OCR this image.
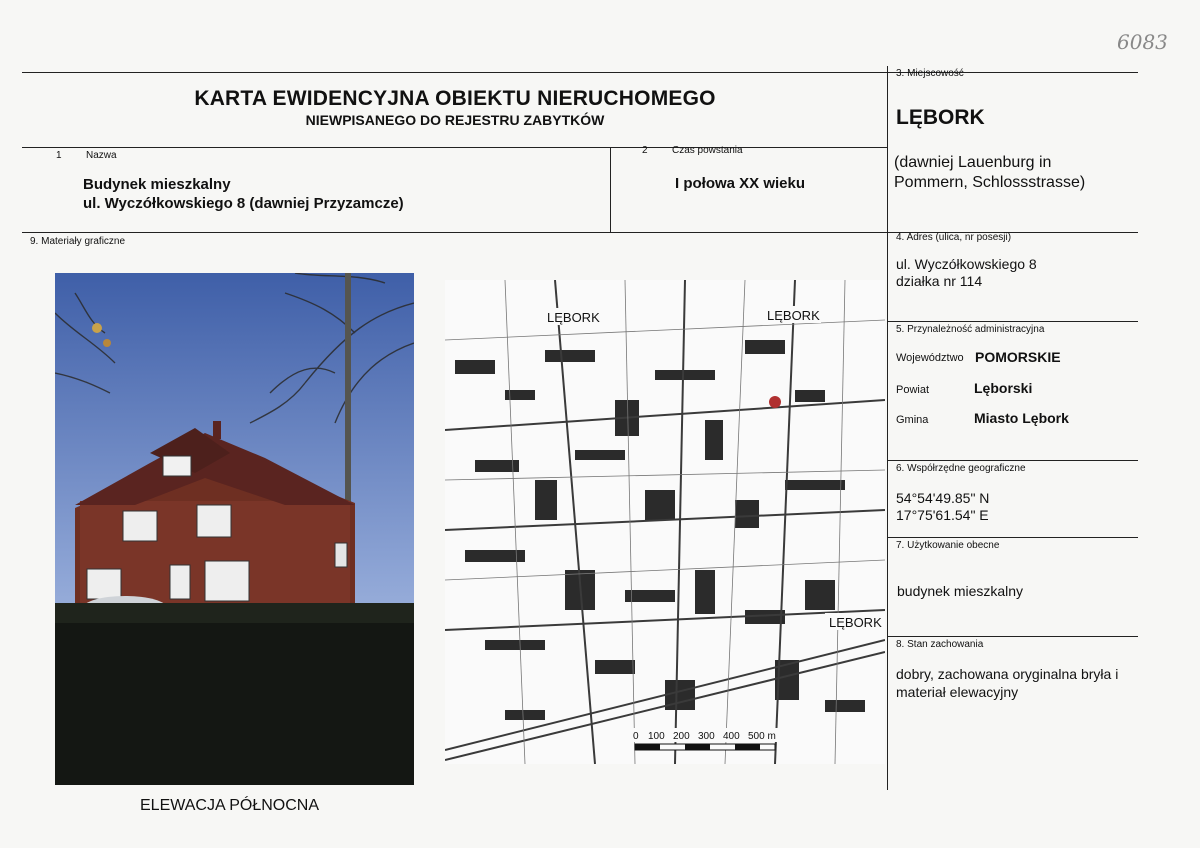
6083
KARTA EWIDENCYJNA OBIEKTU NIERUCHOMEGO
NIEWPISANEGO DO REJESTRU ZABYTKÓW
3. Miejscowość
LĘBORK
(dawniej Lauenburg in
Pommern, Schlossstrasse)
1 Nazwa
Budynek mieszkalny
ul. Wyczółkowskiego 8 (dawniej Przyzamcze)
2 Czas powstania
I połowa XX wieku
9. Materiały graficzne	4. Adres (ulica, nr posesji)
ul. Wyczółkowskiego 8
działka nr 114
5. Przynależność administracyjna
Województwo POMORSKIE
Powiat	Lęborski
Gmina	Miasto Lębork
6. Współrzędne geograficzne
54°54'49.85" N
17°75'61.54" E
7. Użytkowanie obecne
budynek mieszkalny
8. Stan zachowania
dobry, zachowana oryginalna bryła i
materiał elewacyjny
LĘBORK	LĘBORK
LĘBORK
0 100 200 300 400 500 m
ELEWACJA PÓŁNOCNA
